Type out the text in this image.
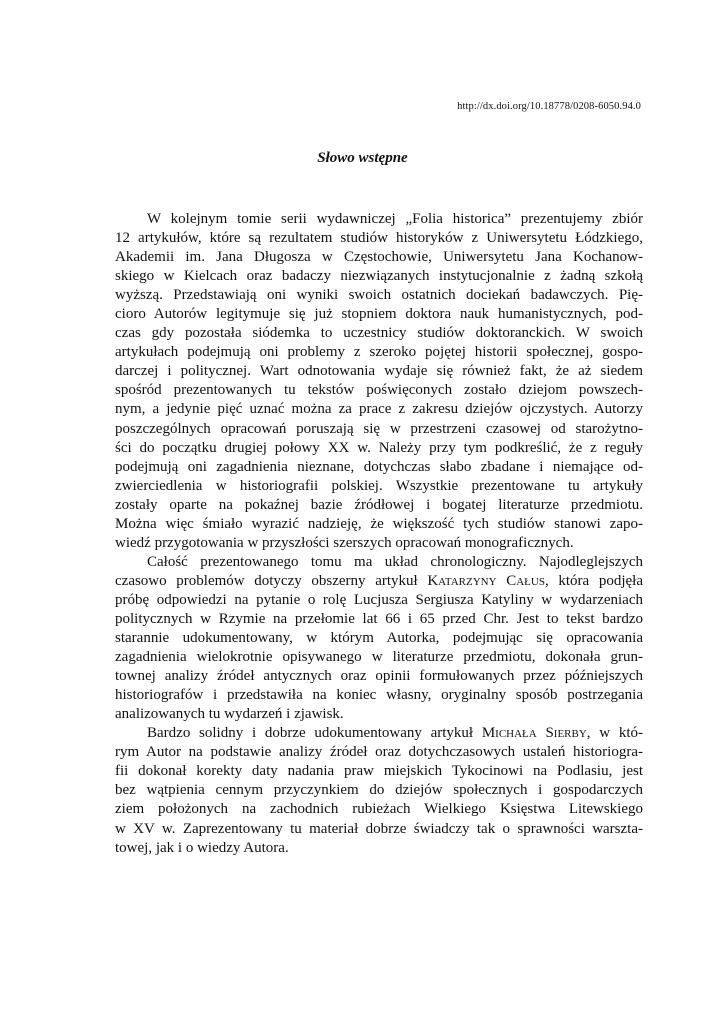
http://dx.doi.org/10.18778/0208-6050.94.0
Słowo wstępne
W kolejnym tomie serii wydawniczej „Folia historica” prezentujemy zbiór
12 artykułów, które są rezultatem studiów historyków z Uniwersytetu Łódzkiego,
Akademii im. Jana Długosza w Częstochowie, Uniwersytetu Jana Kochanow-
skiego w Kielcach oraz badaczy niezwiązanych instytucjonalnie z żadną szkołą
wyższą. Przedstawiają oni wyniki swoich ostatnich dociekań badawczych. Pię-
cioro Autorów legitymuje się już stopniem doktora nauk humanistycznych, pod-
czas gdy pozostała siódemka to uczestnicy studiów doktoranckich. W swoich
artykułach podejmują oni problemy z szeroko pojętej historii społecznej, gospo-
darczej i politycznej. Wart odnotowania wydaje się również fakt, że aż siedem
spośród prezentowanych tu tekstów poświęconych zostało dziejom powszech-
nym, a jedynie pięć uznać można za prace z zakresu dziejów ojczystych. Autorzy
poszczególnych opracowań poruszają się w przestrzeni czasowej od starożytno-
ści do początku drugiej połowy XX w. Należy przy tym podkreślić, że z reguły
podejmują oni zagadnienia nieznane, dotychczas słabo zbadane i niemające od-
zwierciedlenia w historiografii polskiej. Wszystkie prezentowane tu artykuły
zostały oparte na pokaźnej bazie źródłowej i bogatej literaturze przedmiotu.
Można więc śmiało wyrazić nadzieję, że większość tych studiów stanowi zapo-
wiedź przygotowania w przyszłości szerszych opracowań monograficznych.
Całość prezentowanego tomu ma układ chronologiczny. Najodleglejszych
czasowo problemów dotyczy obszerny artykuł Katarzyny Całus, która podjęła
próbę odpowiedzi na pytanie o rolę Lucjusza Sergiusza Katyliny w wydarzeniach
politycznych w Rzymie na przełomie lat 66 i 65 przed Chr. Jest to tekst bardzo
starannie udokumentowany, w którym Autorka, podejmując się opracowania
zagadnienia wielokrotnie opisywanego w literaturze przedmiotu, dokonała grun-
townej analizy źródeł antycznych oraz opinii formułowanych przez późniejszych
historiografów i przedstawiła na koniec własny, oryginalny sposób postrzegania
analizowanych tu wydarzeń i zjawisk.
Bardzo solidny i dobrze udokumentowany artykuł Michała Sierby, w któ-
rym Autor na podstawie analizy źródeł oraz dotychczasowych ustaleń historiogra-
fii dokonał korekty daty nadania praw miejskich Tykocinowi na Podlasiu, jest
bez wątpienia cennym przyczynkiem do dziejów społecznych i gospodarczych
ziem położonych na zachodnich rubieżach Wielkiego Księstwa Litewskiego
w XV w. Zaprezentowany tu materiał dobrze świadczy tak o sprawności warszta-
towej, jak i o wiedzy Autora.
